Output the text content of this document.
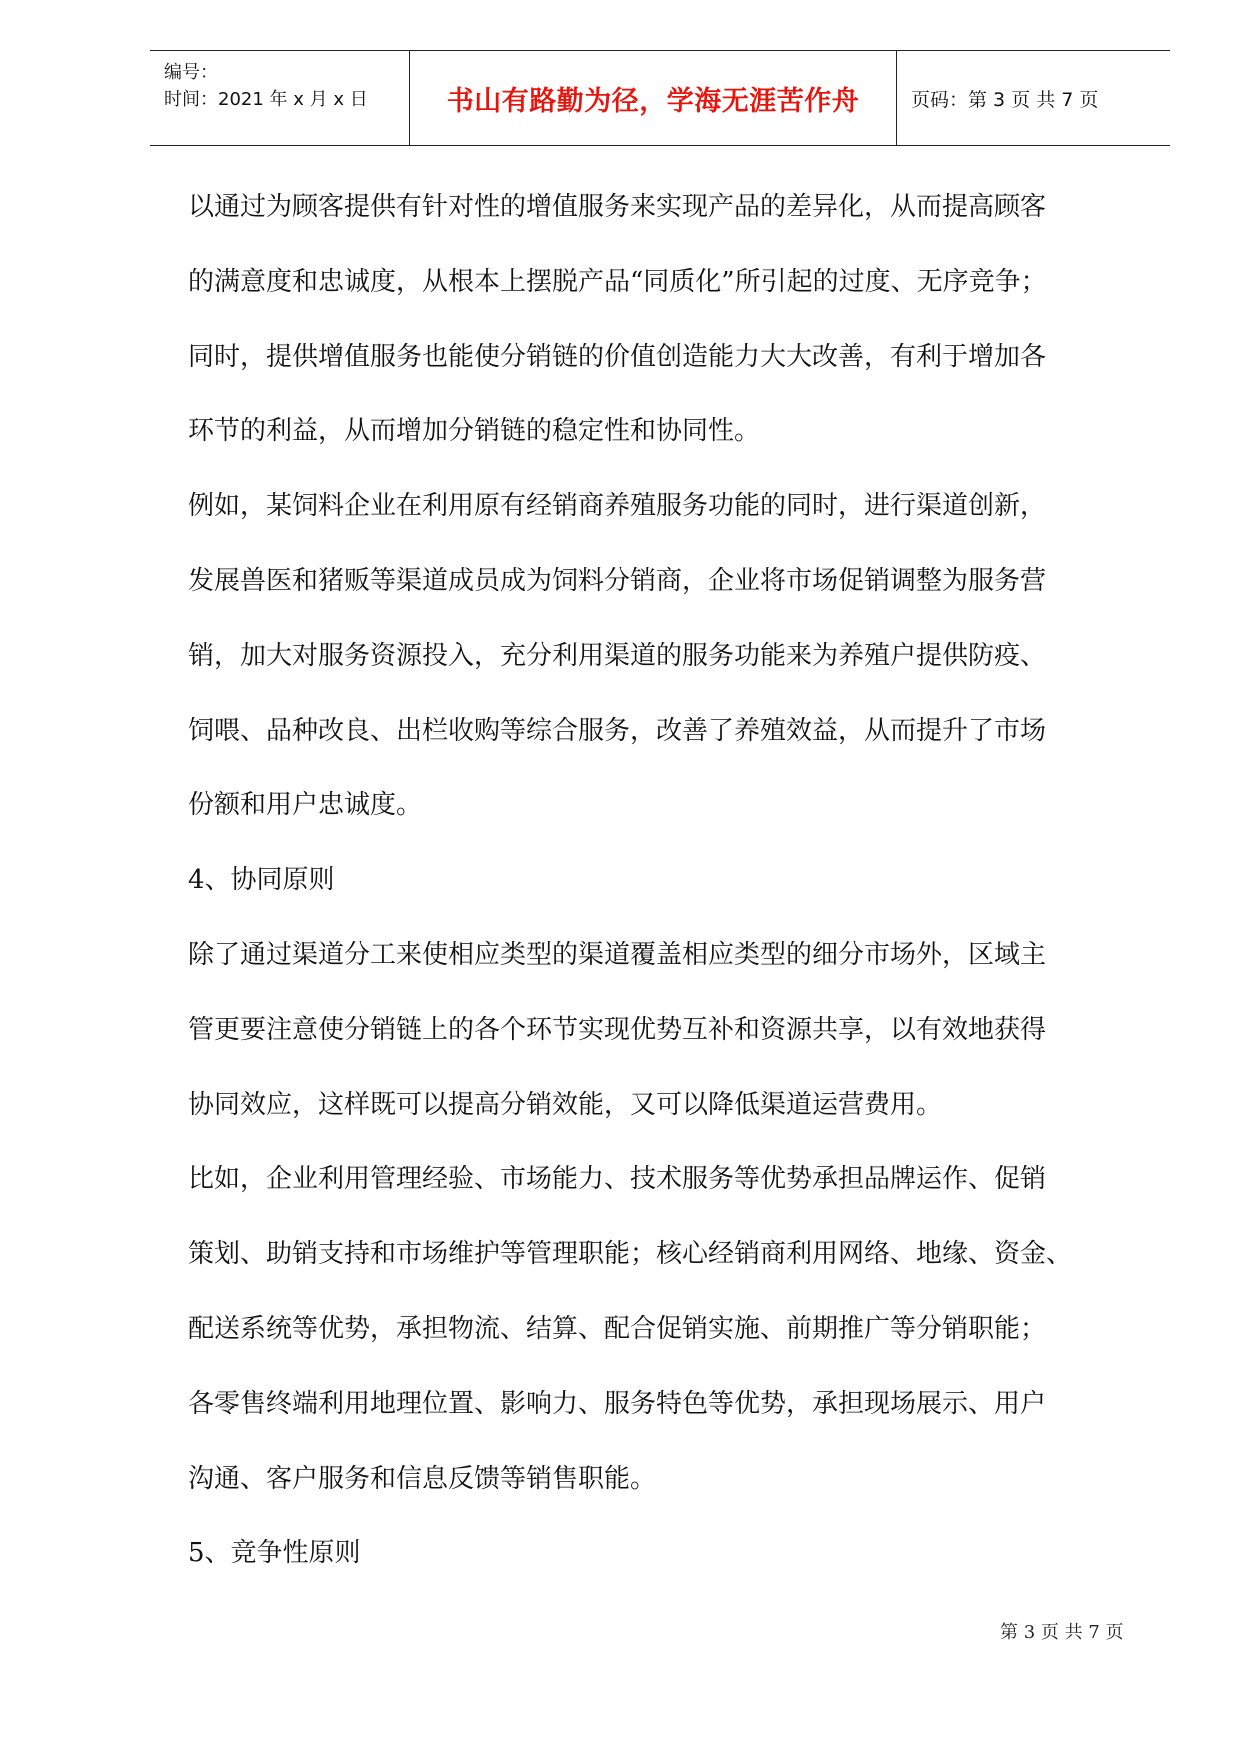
编号：
时间：2021 年 x 月 x 日	书山有路勤为径，学海无涯苦作舟	页码：第 3 页 共 7 页
以通过为顾客提供有针对性的增值服务来实现产品的差异化，从而提高顾客
的满意度和忠诚度，从根本上摆脱产品“同质化”所引起的过度、无序竞争；
同时，提供增值服务也能使分销链的价值创造能力大大改善，有利于增加各
环节的利益，从而增加分销链的稳定性和协同性。
例如，某饲料企业在利用原有经销商养殖服务功能的同时，进行渠道创新，
发展兽医和猪贩等渠道成员成为饲料分销商，企业将市场促销调整为服务营
销，加大对服务资源投入，充分利用渠道的服务功能来为养殖户提供防疫、
饲喂、品种改良、出栏收购等综合服务，改善了养殖效益，从而提升了市场
份额和用户忠诚度。
4、协同原则
除了通过渠道分工来使相应类型的渠道覆盖相应类型的细分市场外，区域主
管更要注意使分销链上的各个环节实现优势互补和资源共享，以有效地获得
协同效应，这样既可以提高分销效能，又可以降低渠道运营费用。
比如，企业利用管理经验、市场能力、技术服务等优势承担品牌运作、促销
策划、助销支持和市场维护等管理职能；核心经销商利用网络、地缘、资金、
配送系统等优势，承担物流、结算、配合促销实施、前期推广等分销职能；
各零售终端利用地理位置、影响力、服务特色等优势，承担现场展示、用户
沟通、客户服务和信息反馈等销售职能。
5、竞争性原则
第 3 页 共 7 页
